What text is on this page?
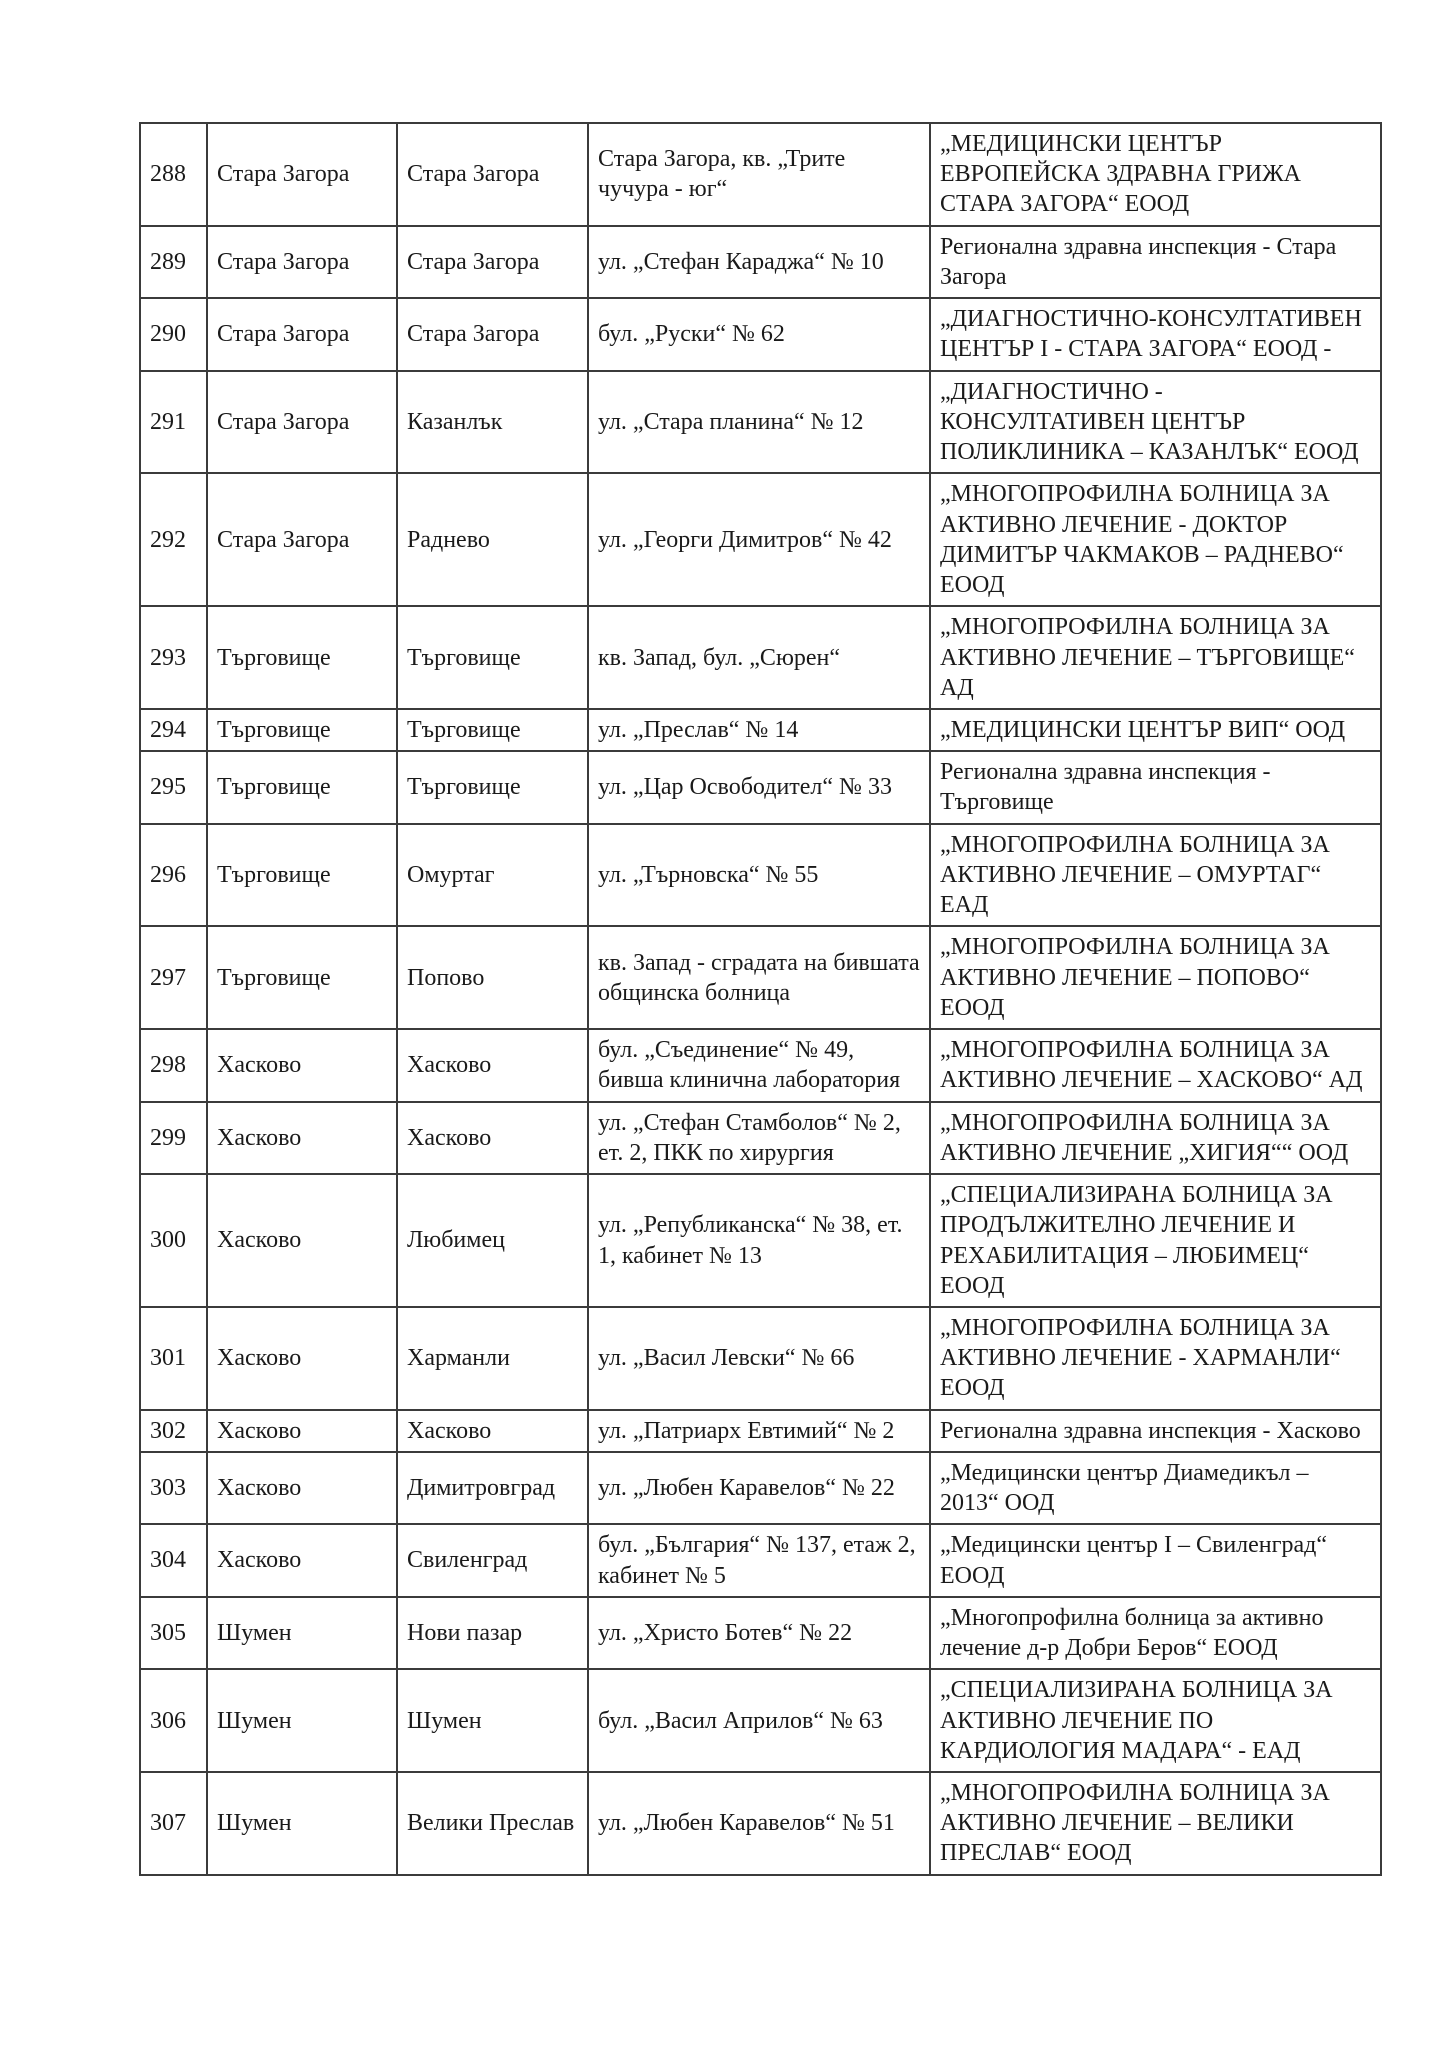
288	Стара Загора	Стара Загора	Стара Загора, кв. „Трите чучура - юг“	„МЕДИЦИНСКИ ЦЕНТЪР ЕВРОПЕЙСКА ЗДРАВНА ГРИЖА СТАРА ЗАГОРА“ ЕООД
289	Стара Загора	Стара Загора	ул. „Стефан Караджа“ № 10	Регионална здравна инспекция - Стара Загора
290	Стара Загора	Стара Загора	бул. „Руски“ № 62	„ДИАГНОСТИЧНО-КОНСУЛТАТИВЕН ЦЕНТЪР I - СТАРА ЗАГОРА“ ЕООД -
291	Стара Загора	Казанлък	ул. „Стара планина“ № 12	„ДИАГНОСТИЧНО - КОНСУЛТАТИВЕН ЦЕНТЪР ПОЛИКЛИНИКА – КАЗАНЛЪК“ ЕООД
292	Стара Загора	Раднево	ул. „Георги Димитров“ № 42	„МНОГОПРОФИЛНА БОЛНИЦА ЗА АКТИВНО ЛЕЧЕНИЕ - ДОКТОР ДИМИТЪР ЧАКМАКОВ – РАДНЕВО“ ЕООД
293	Търговище	Търговище	кв. Запад, бул. „Сюрен“	„МНОГОПРОФИЛНА БОЛНИЦА ЗА АКТИВНО ЛЕЧЕНИЕ – ТЪРГОВИЩЕ“ АД
294	Търговище	Търговище	ул. „Преслав“ № 14	„МЕДИЦИНСКИ ЦЕНТЪР ВИП“ ООД
295	Търговище	Търговище	ул. „Цар Освободител“ № 33	Регионална здравна инспекция - Търговище
296	Търговище	Омуртаг	ул. „Търновска“ № 55	„МНОГОПРОФИЛНА БОЛНИЦА ЗА АКТИВНО ЛЕЧЕНИЕ – ОМУРТАГ“ ЕАД
297	Търговище	Попово	кв. Запад - сградата на бившата общинска болница	„МНОГОПРОФИЛНА БОЛНИЦА ЗА АКТИВНО ЛЕЧЕНИЕ – ПОПОВО“ ЕООД
298	Хасково	Хасково	бул. „Съединение“ № 49, бивша клинична лаборатория	„МНОГОПРОФИЛНА БОЛНИЦА ЗА АКТИВНО ЛЕЧЕНИЕ – ХАСКОВО“ АД
299	Хасково	Хасково	ул. „Стефан Стамболов“ № 2, ет. 2, ПКК по хирургия	„МНОГОПРОФИЛНА БОЛНИЦА ЗА АКТИВНО ЛЕЧЕНИЕ „ХИГИЯ““ ООД
300	Хасково	Любимец	ул. „Републиканска“ № 38, ет. 1, кабинет № 13	„СПЕЦИАЛИЗИРАНА БОЛНИЦА ЗА ПРОДЪЛЖИТЕЛНО ЛЕЧЕНИЕ И РЕХАБИЛИТАЦИЯ – ЛЮБИМЕЦ“ ЕООД
301	Хасково	Харманли	ул. „Васил Левски“ № 66	„МНОГОПРОФИЛНА БОЛНИЦА ЗА АКТИВНО ЛЕЧЕНИЕ - ХАРМАНЛИ“ ЕООД
302	Хасково	Хасково	ул. „Патриарх Евтимий“ № 2	Регионална здравна инспекция - Хасково
303	Хасково	Димитровград	ул. „Любен Каравелов“ № 22	„Медицински център Диамедикъл – 2013“ ООД
304	Хасково	Свиленград	бул. „България“ № 137, етаж 2, кабинет № 5	„Медицински център I – Свиленград“ ЕООД
305	Шумен	Нови пазар	ул. „Христо Ботев“ № 22	„Многопрофилна болница за активно лечение д-р Добри Беров“ ЕООД
306	Шумен	Шумен	бул. „Васил Априлов“ № 63	„СПЕЦИАЛИЗИРАНА БОЛНИЦА ЗА АКТИВНО ЛЕЧЕНИЕ ПО КАРДИОЛОГИЯ МАДАРА“ - ЕАД
307	Шумен	Велики Преслав	ул. „Любен Каравелов“ № 51	„МНОГОПРОФИЛНА БОЛНИЦА ЗА АКТИВНО ЛЕЧЕНИЕ – ВЕЛИКИ ПРЕСЛАВ“ ЕООД
